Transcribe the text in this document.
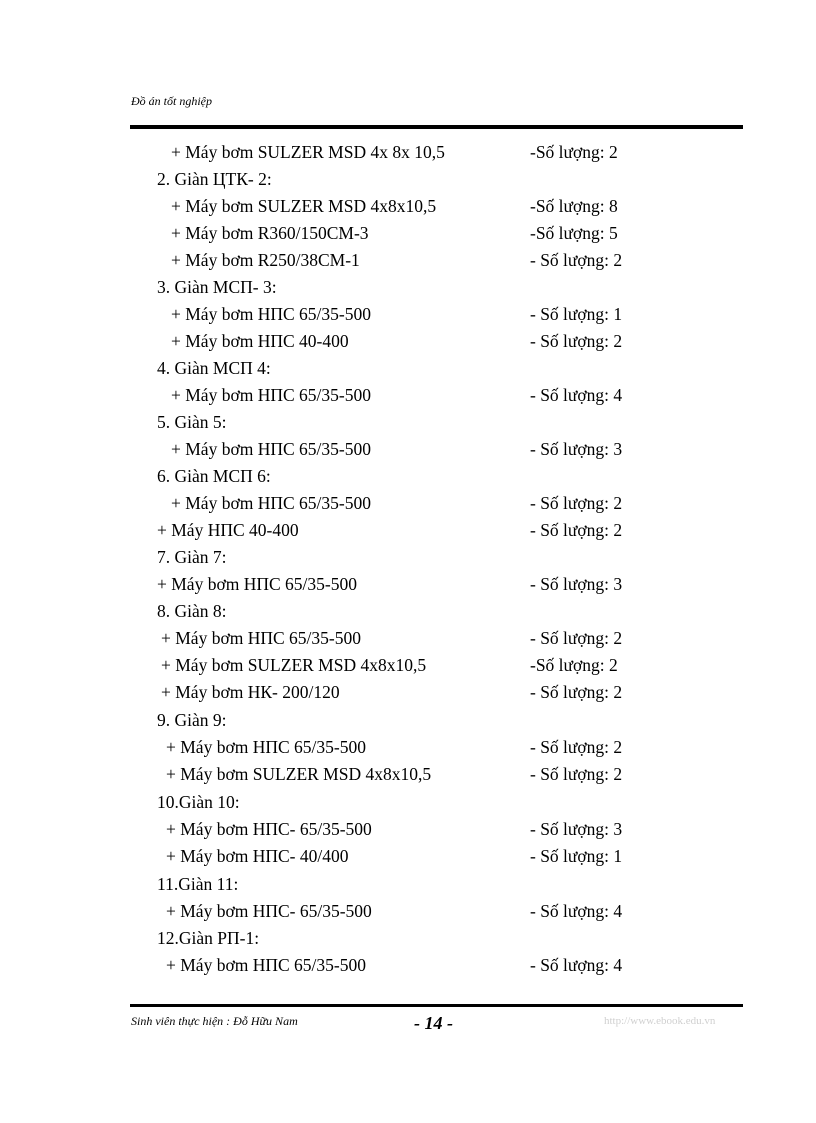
Đồ án tốt nghiệp
+ Máy bơm SULZER MSD 4x 8x 10,5	-Số lượng: 2
2. Giàn ЦТК- 2:
+ Máy bơm SULZER MSD 4x8x10,5	-Số lượng: 8
+ Máy bơm R360/150CM-3	-Số lượng: 5
+ Máy bơm R250/38CM-1	- Số lượng: 2
3. Giàn МСП- 3:
+ Máy bơm НПС 65/35-500	- Số lượng: 1
+ Máy bơm НПС 40-400	- Số lượng: 2
4. Giàn МСП 4:
+ Máy bơm НПС 65/35-500	- Số lượng: 4
5. Giàn 5:
+ Máy bơm НПС 65/35-500	- Số lượng: 3
6. Giàn МСП 6:
+ Máy bơm НПС 65/35-500	- Số lượng: 2
+ Máy НПС 40-400	- Số lượng: 2
7. Giàn 7:
+ Máy bơm НПС 65/35-500	- Số lượng: 3
8. Giàn 8:
+ Máy bơm НПС 65/35-500	- Số lượng: 2
+ Máy bơm SULZER MSD 4x8x10,5	-Số lượng: 2
+ Máy bơm НК- 200/120	- Số lượng: 2
9. Giàn 9:
+ Máy bơm НПС 65/35-500	- Số lượng: 2
+ Máy bơm SULZER MSD 4x8x10,5	- Số lượng: 2
10.Giàn 10:
+ Máy bơm НПС- 65/35-500	- Số lượng: 3
+ Máy bơm НПС- 40/400	- Số lượng: 1
11.Giàn 11:
+ Máy bơm НПС- 65/35-500	- Số lượng: 4
12.Giàn РП-1:
+ Máy bơm НПС 65/35-500	- Số lượng: 4
Sinh viên thực hiện : Đỗ Hữu Nam	- 14 -	http://www.ebook.edu.vn
